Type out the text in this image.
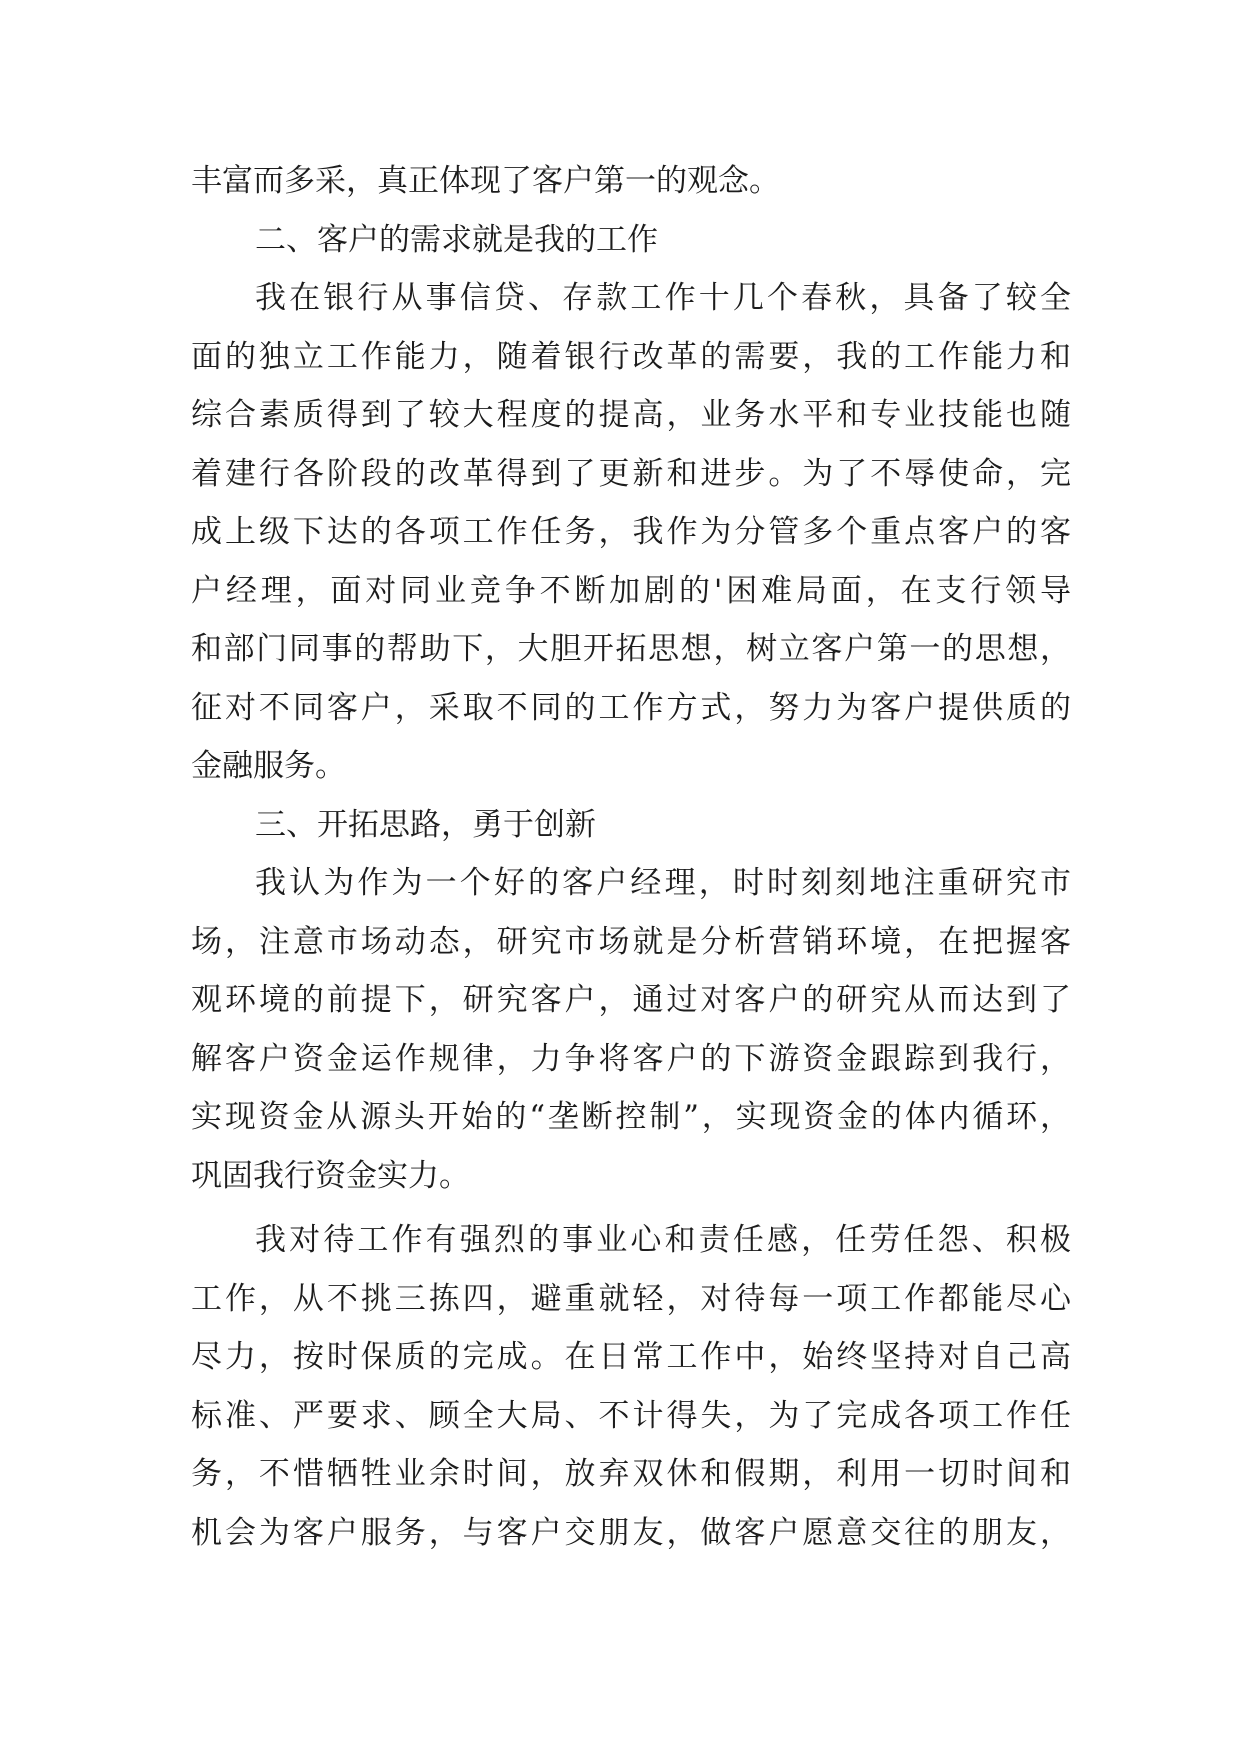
丰富而多采，真正体现了客户第一的观念。
二、客户的需求就是我的工作
我在银行从事信贷、存款工作十几个春秋，具备了较全
面的独立工作能力，随着银行改革的需要，我的工作能力和
综合素质得到了较大程度的提高，业务水平和专业技能也随
着建行各阶段的改革得到了更新和进步。为了不辱使命，完
成上级下达的各项工作任务，我作为分管多个重点客户的客
户经理，面对同业竞争不断加剧的'困难局面，在支行领导
和部门同事的帮助下，大胆开拓思想，树立客户第一的思想，
征对不同客户，采取不同的工作方式，努力为客户提供质的
金融服务。
三、开拓思路，勇于创新
我认为作为一个好的客户经理，时时刻刻地注重研究市
场，注意市场动态，研究市场就是分析营销环境，在把握客
观环境的前提下，研究客户，通过对客户的研究从而达到了
解客户资金运作规律，力争将客户的下游资金跟踪到我行，
实现资金从源头开始的“垄断控制”，实现资金的体内循环，
巩固我行资金实力。
我对待工作有强烈的事业心和责任感，任劳任怨、积极
工作，从不挑三拣四，避重就轻，对待每一项工作都能尽心
尽力，按时保质的完成。在日常工作中，始终坚持对自己高
标准、严要求、顾全大局、不计得失，为了完成各项工作任
务，不惜牺牲业余时间，放弃双休和假期，利用一切时间和
机会为客户服务，与客户交朋友，做客户愿意交往的朋友，
